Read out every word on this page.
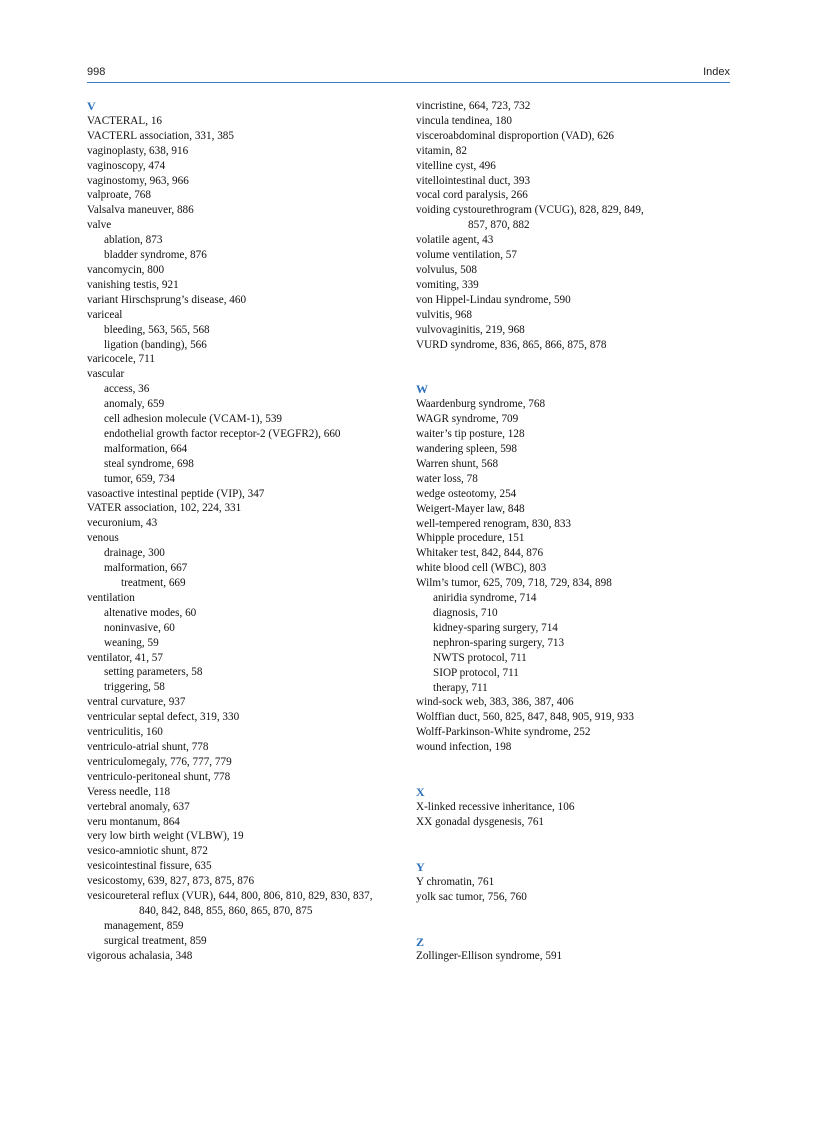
998	Index
V
VACTERAL, 16
VACTERL association, 331, 385
vaginoplasty, 638, 916
vaginoscopy, 474
vaginostomy, 963, 966
valproate, 768
Valsalva maneuver, 886
valve
ablation, 873
bladder syndrome, 876
vancomycin, 800
vanishing testis, 921
variant Hirschsprung’s disease, 460
variceal
bleeding, 563, 565, 568
ligation (banding), 566
varicocele, 711
vascular
access, 36
anomaly, 659
cell adhesion molecule (VCAM-1), 539
endothelial growth factor receptor-2 (VEGFR2), 660
malformation, 664
steal syndrome, 698
tumor, 659, 734
vasoactive intestinal peptide (VIP), 347
VATER association, 102, 224, 331
vecuronium, 43
venous
drainage, 300
malformation, 667
treatment, 669
ventilation
altenative modes, 60
noninvasive, 60
weaning, 59
ventilator, 41, 57
setting parameters, 58
triggering, 58
ventral curvature, 937
ventricular septal defect, 319, 330
ventriculitis, 160
ventriculo-atrial shunt, 778
ventriculomegaly, 776, 777, 779
ventriculo-peritoneal shunt, 778
Veress needle, 118
vertebral anomaly, 637
veru montanum, 864
very low birth weight (VLBW), 19
vesico-amniotic shunt, 872
vesicointestinal fissure, 635
vesicostomy, 639, 827, 873, 875, 876
vesicoureteral reflux (VUR), 644, 800, 806, 810, 829, 830, 837,
840, 842, 848, 855, 860, 865, 870, 875
management, 859
surgical treatment, 859
vigorous achalasia, 348
vincristine, 664, 723, 732
vincula tendinea, 180
visceroabdominal disproportion (VAD), 626
vitamin, 82
vitelline cyst, 496
vitellointestinal duct, 393
vocal cord paralysis, 266
voiding cystourethrogram (VCUG), 828, 829, 849,
857, 870, 882
volatile agent, 43
volume ventilation, 57
volvulus, 508
vomiting, 339
von Hippel-Lindau syndrome, 590
vulvitis, 968
vulvovaginitis, 219, 968
VURD syndrome, 836, 865, 866, 875, 878
W
Waardenburg syndrome, 768
WAGR syndrome, 709
waiter’s tip posture, 128
wandering spleen, 598
Warren shunt, 568
water loss, 78
wedge osteotomy, 254
Weigert-Mayer law, 848
well-tempered renogram, 830, 833
Whipple procedure, 151
Whitaker test, 842, 844, 876
white blood cell (WBC), 803
Wilm’s tumor, 625, 709, 718, 729, 834, 898
aniridia syndrome, 714
diagnosis, 710
kidney-sparing surgery, 714
nephron-sparing surgery, 713
NWTS protocol, 711
SIOP protocol, 711
therapy, 711
wind-sock web, 383, 386, 387, 406
Wolffian duct, 560, 825, 847, 848, 905, 919, 933
Wolff-Parkinson-White syndrome, 252
wound infection, 198
X
X-linked recessive inheritance, 106
XX gonadal dysgenesis, 761
Y
Y chromatin, 761
yolk sac tumor, 756, 760
Z
Zollinger-Ellison syndrome, 591
